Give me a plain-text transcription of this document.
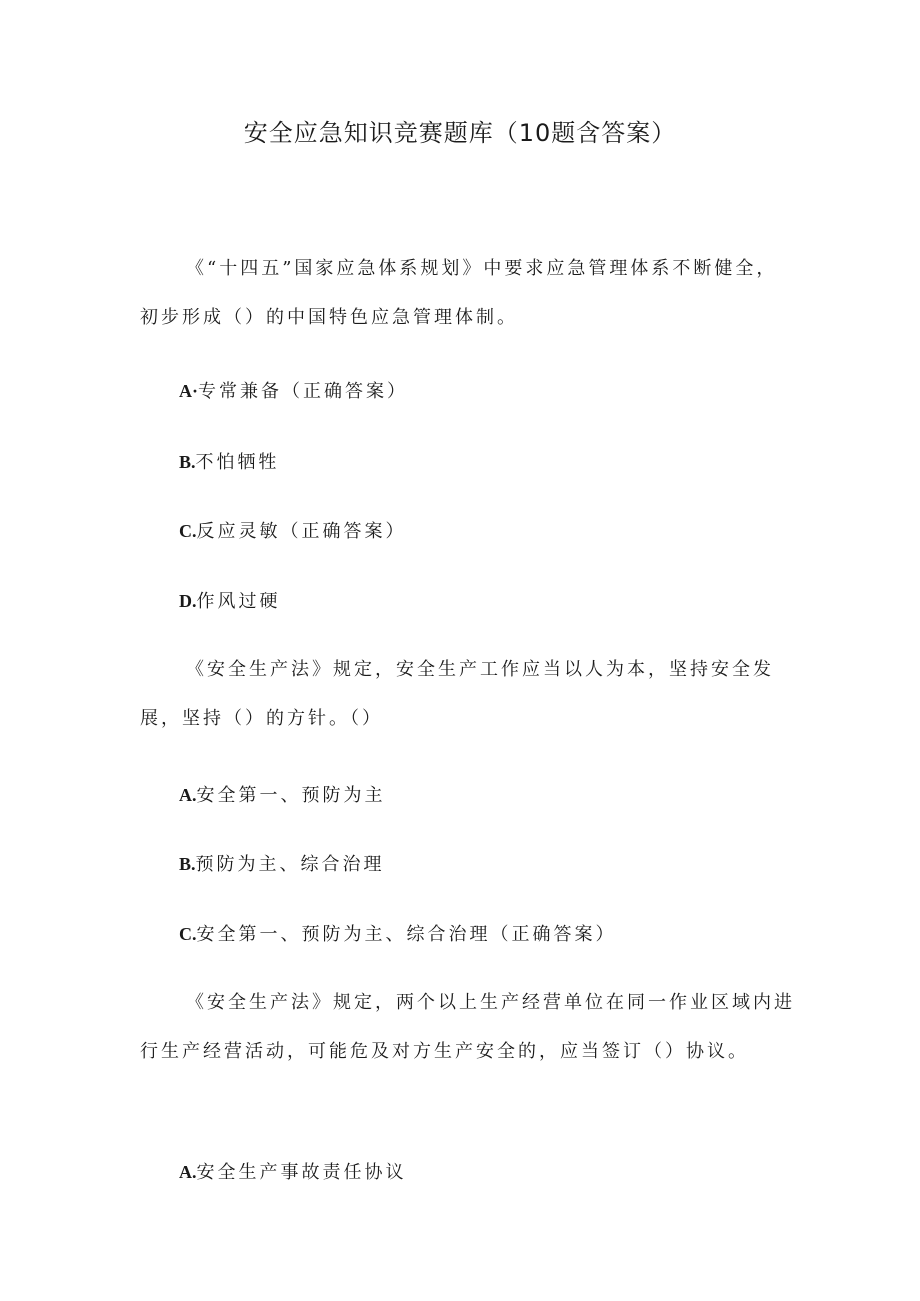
安全应急知识竞赛题库（10题含答案）
《“十四五”国家应急体系规划》中要求应急管理体系不断健全，
初步形成（）的中国特色应急管理体制。
A·专常兼备（正确答案）
B.不怕牺牲
C.反应灵敏（正确答案）
D.作风过硬
《安全生产法》规定，安全生产工作应当以人为本，坚持安全发
展，坚持（）的方针。（）
A.安全第一、预防为主
B.预防为主、综合治理
C.安全第一、预防为主、综合治理（正确答案）
《安全生产法》规定，两个以上生产经营单位在同一作业区域内进
行生产经营活动，可能危及对方生产安全的，应当签订（）协议。
A.安全生产事故责任协议
